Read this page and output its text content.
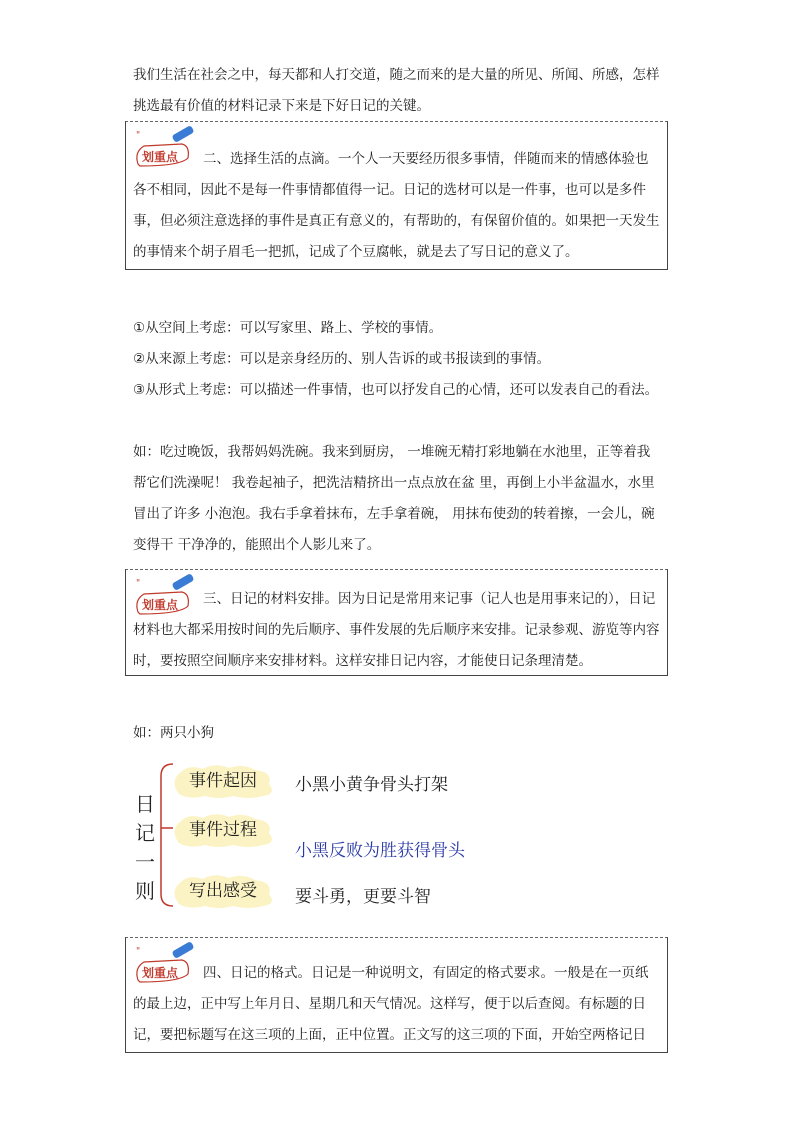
我们生活在社会之中，每天都和人打交道，随之而来的是大量的所见、所闻、所感，怎样挑选最有价值的材料记录下来是下好日记的关键。
"
划重点	二、选择生活的点滴。一个人一天要经历很多事情，伴随而来的情感体验也各不相同，因此不是每一件事情都值得一记。日记的选材可以是一件事，也可以是多件事，但必须注意选择的事件是真正有意义的，有帮助的，有保留价值的。如果把一天发生的事情来个胡子眉毛一把抓，记成了个豆腐帐，就是去了写日记的意义了。
①从空间上考虑：可以写家里、路上、学校的事情。
②从来源上考虑：可以是亲身经历的、别人告诉的或书报读到的事情。
③从形式上考虑：可以描述一件事情，也可以抒发自己的心情，还可以发表自己的看法。
如：吃过晚饭，我帮妈妈洗碗。我来到厨房， 一堆碗无精打彩地躺在水池里，正等着我 帮它们洗澡呢！ 我卷起袖子，把洗洁精挤出一点点放在盆 里，再倒上小半盆温水，水里冒出了许多 小泡泡。我右手拿着抹布，左手拿着碗， 用抹布使劲的转着擦，一会儿，碗变得干 干净净的，能照出个人影儿来了。
"
划重点	三、日记的材料安排。因为日记是常用来记事（记人也是用事来记的），日记材料也大都采用按时间的先后顺序、事件发展的先后顺序来安排。记录参观、游览等内容时，要按照空间顺序来安排材料。这样安排日记内容，才能使日记条理清楚。
如：两只小狗
日
记
一
则
事件起因
事件过程
写出感受
小黑小黄争骨头打架
小黑反败为胜获得骨头
要斗勇，更要斗智
"
划重点	四、日记的格式。日记是一种说明文，有固定的格式要求。一般是在一页纸的最上边，正中写上年月日、星期几和天气情况。这样写，便于以后查阅。有标题的日记，要把标题写在这三项的上面，正中位置。正文写的这三项的下面，开始空两格记日
